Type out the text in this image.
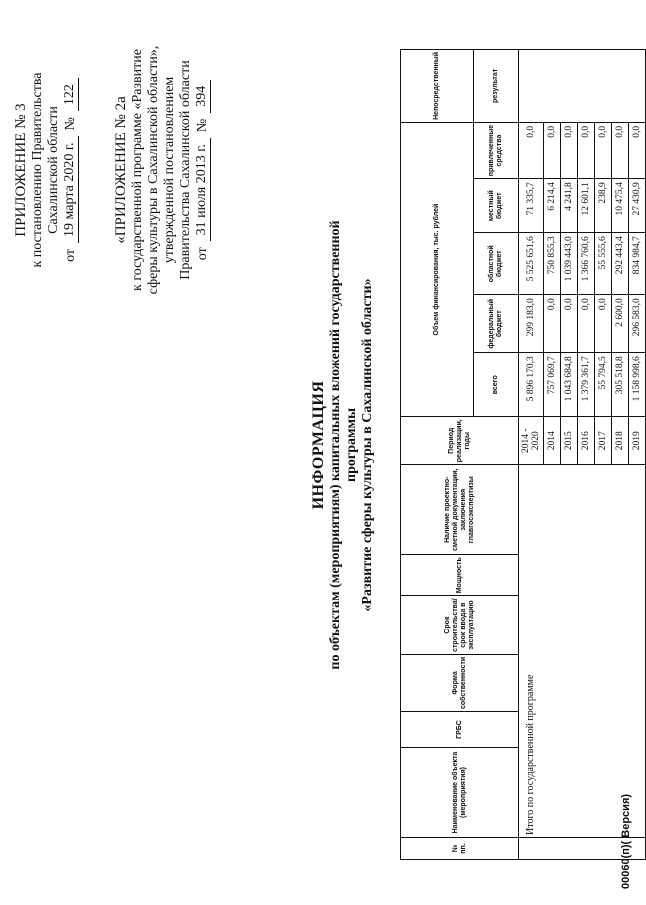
ПРИЛОЖЕНИЕ № 3 к постановлению Правительства Сахалинской области
от
19 марта 2020 г.
№
122
«ПРИЛОЖЕНИЕ № 2а к государственной программе «Развитие сферы культуры в Сахалинской области», утвержденной постановлением Правительства Сахалинской области от
31 июля 2013 г.
№
394
ИНФОРМАЦИЯ по объектам (мероприятиям) капитальных вложений государственной программы «Развитие сферы культуры в Сахалинской области»
№ пп.	Наименование объекта (мероприятия)	ГРБС	Форма собственности	Срок строительства/срок ввода в эксплуатацию	Мощность	Наличие проектно-сметной документации, заключения главгосэкспертизы	Период реализации, годы	Объем финансирования, тыс. рублей					Непосредственный
								всего	федеральный бюджет	областной бюджет	местный бюджет	привлеченные средства	результат
	Итого по государственной программе						2014 - 2020	5 896 170,3	299 183,0	5 525 651,6	71 335,7	0,0	
							2014	757 069,7	0,0	750 855,3	6 214,4	0,0	
							2015	1 043 684,8	0,0	1 039 443,0	4 241,8	0,0	
							2016	1 379 361,7	0,0	1 366 760,6	12 601,1	0,0	
							2017	55 794,5	0,0	55 555,6	238,9	0,0	
							2018	305 518,8	2 600,0	292 443,4	10 475,4	0,0	
							2019	1 158 998,6	296 583,0	834 984,7	27 430,9	0,0	
00060(п)( Версия)
